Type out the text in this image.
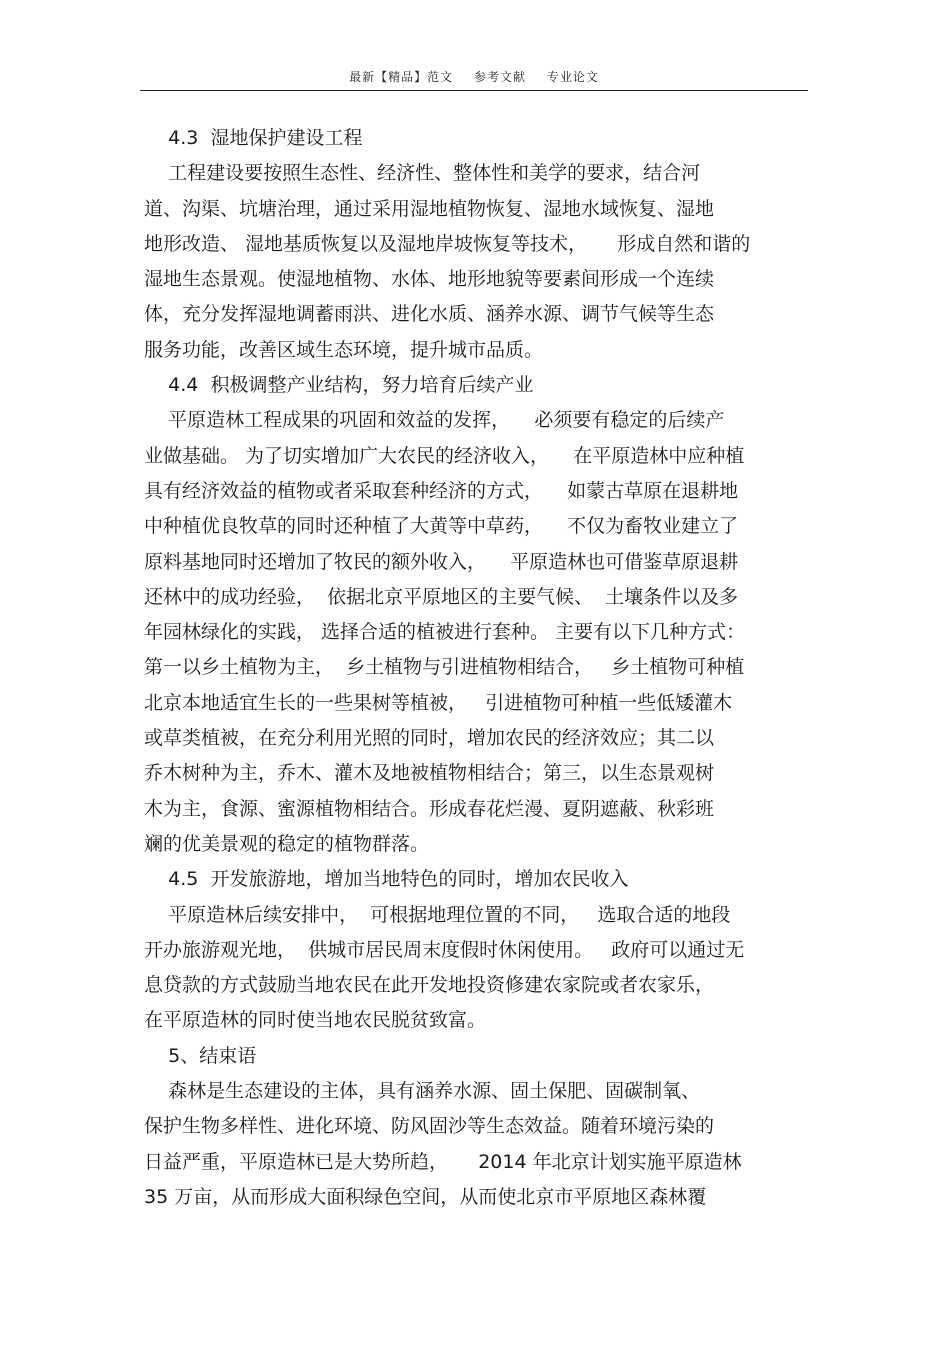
最新【精品】范文 参考文献 专业论文
4.3  湿地保护建设工程
工程建设要按照生态性、经济性、整体性和美学的要求，结合河
道、沟渠、坑塘治理，通过采用湿地植物恢复、湿地水域恢复、湿地
地形改造、 湿地基质恢复以及湿地岸坡恢复等技术，     形成自然和谐的
湿地生态景观。使湿地植物、水体、地形地貌等要素间形成一个连续
体，充分发挥湿地调蓄雨洪、进化水质、涵养水源、调节气候等生态
服务功能，改善区域生态环境，提升城市品质。
4.4  积极调整产业结构，努力培育后续产业
平原造林工程成果的巩固和效益的发挥，    必须要有稳定的后续产
业做基础。 为了切实增加广大农民的经济收入，    在平原造林中应种植
具有经济效益的植物或者采取套种经济的方式，    如蒙古草原在退耕地
中种植优良牧草的同时还种植了大黄等中草药，    不仅为畜牧业建立了
原料基地同时还增加了牧民的额外收入，    平原造林也可借鉴草原退耕
还林中的成功经验，  依据北京平原地区的主要气候、  土壤条件以及多
年园林绿化的实践， 选择合适的植被进行套种。 主要有以下几种方式：
第一以乡土植物为主，  乡土植物与引进植物相结合，   乡土植物可种植
北京本地适宜生长的一些果树等植被，   引进植物可种植一些低矮灌木
或草类植被，在充分利用光照的同时，增加农民的经济效应；其二以
乔木树种为主，乔木、灌木及地被植物相结合；第三，以生态景观树
木为主，食源、蜜源植物相结合。形成春花烂漫、夏阴遮蔽、秋彩班
斓的优美景观的稳定的植物群落。
4.5  开发旅游地，增加当地特色的同时，增加农民收入
平原造林后续安排中，  可根据地理位置的不同，   选取合适的地段
开办旅游观光地，  供城市居民周末度假时休闲使用。   政府可以通过无
息贷款的方式鼓励当地农民在此开发地投资修建农家院或者农家乐，
在平原造林的同时使当地农民脱贫致富。
5、结束语
森林是生态建设的主体，具有涵养水源、固土保肥、固碳制氧、
保护生物多样性、进化环境、防风固沙等生态效益。随着环境污染的
日益严重，平原造林已是大势所趋，     2014 年北京计划实施平原造林
35 万亩，从而形成大面积绿色空间，从而使北京市平原地区森林覆
